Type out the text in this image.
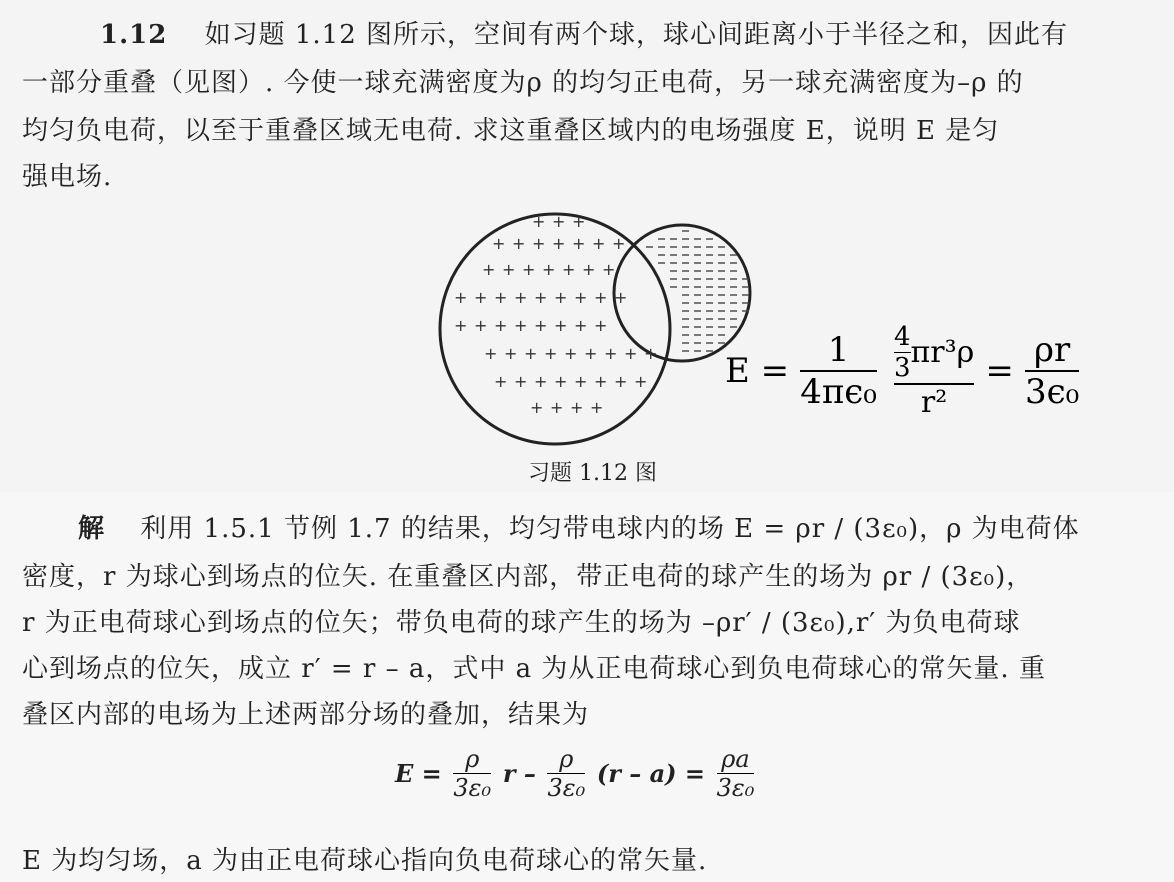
1.12 如习题 1.12 图所示，空间有两个球，球心间距离小于半径之和，因此有
一部分重叠（见图）. 今使一球充满密度为ρ 的均匀正电荷，另一球充满密度为–ρ 的
均匀负电荷，以至于重叠区域无电荷. 求这重叠区域内的电场强度 E，说明 E 是匀
强电场.
+ + +
+ + + + + + +
+ + + + + + +
+ + + + + + + + +
+ + + + + + + +
+ + + + + + + + +
+ + + + + + + +
+ + + +
习题 1.12 图
$E = \frac{1}{\text{4πϵ₀}}$
$\frac{\frac{4}{3} \pi r^3\rho}{\text{r²}} = \frac{\rho r}{\text{3ϵ₀}}$
解 利用 1.5.1 节例 1.7 的结果，均匀带电球内的场 E = ρr / (3ε₀)，ρ 为电荷体
密度，r 为球心到场点的位矢. 在重叠区内部，带正电荷的球产生的场为 ρr / (3ε₀)，
r 为正电荷球心到场点的位矢；带负电荷的球产生的场为 –ρr′ / (3ε₀),r′ 为负电荷球
心到场点的位矢，成立 r′ = r – a，式中 a 为从正电荷球心到负电荷球心的常矢量. 重
叠区内部的电场为上述两部分场的叠加，结果为
$E = \frac{\rho}{\text{3ε₀}}$ $r - \frac{\rho}{\text{3ε₀}} (r - a) = \frac{\rho a}{\text{3ε₀}}$
E 为均匀场，a 为由正电荷球心指向负电荷球心的常矢量.
